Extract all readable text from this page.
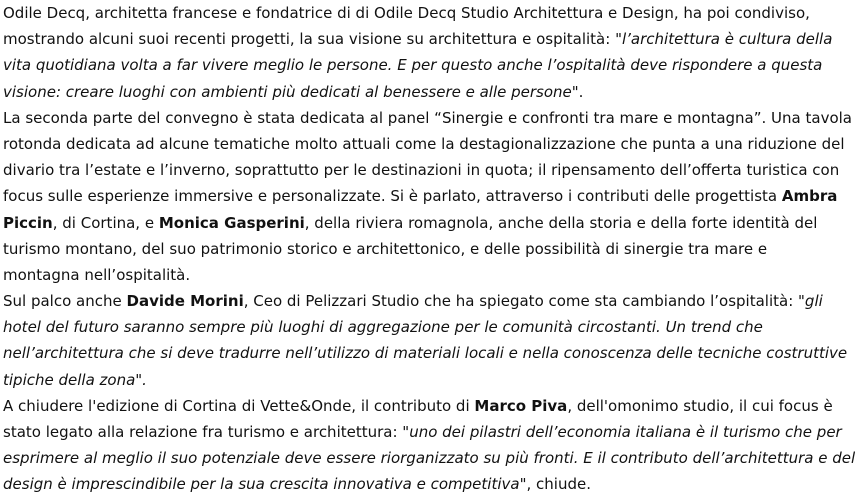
Odile Decq, architetta francese e fondatrice di di Odile Decq Studio Architettura e Design, ha poi condiviso,
mostrando alcuni suoi recenti progetti, la sua visione su architettura e ospitalità: "l’architettura è cultura della
vita quotidiana volta a far vivere meglio le persone. E per questo anche l’ospitalità deve rispondere a questa
visione: creare luoghi con ambienti più dedicati al benessere e alle persone".
La seconda parte del convegno è stata dedicata al panel “Sinergie e confronti tra mare e montagna”. Una tavola
rotonda dedicata ad alcune tematiche molto attuali come la destagionalizzazione che punta a una riduzione del
divario tra l’estate e l’inverno, soprattutto per le destinazioni in quota; il ripensamento dell’offerta turistica con
focus sulle esperienze immersive e personalizzate. Si è parlato, attraverso i contributi delle progettista Ambra
Piccin, di Cortina, e Monica Gasperini, della riviera romagnola, anche della storia e della forte identità del
turismo montano, del suo patrimonio storico e architettonico, e delle possibilità di sinergie tra mare e
montagna nell’ospitalità.
Sul palco anche Davide Morini, Ceo di Pelizzari Studio che ha spiegato come sta cambiando l’ospitalità: "gli
hotel del futuro saranno sempre più luoghi di aggregazione per le comunità circostanti. Un trend che
nell’architettura che si deve tradurre nell’utilizzo di materiali locali e nella conoscenza delle tecniche costruttive
tipiche della zona".
A chiudere l'edizione di Cortina di Vette&Onde, il contributo di Marco Piva, dell'omonimo studio, il cui focus è
stato legato alla relazione fra turismo e architettura: "uno dei pilastri dell’economia italiana è il turismo che per
esprimere al meglio il suo potenziale deve essere riorganizzato su più fronti. E il contributo dell’architettura e del
design è imprescindibile per la sua crescita innovativa e competitiva", chiude.
